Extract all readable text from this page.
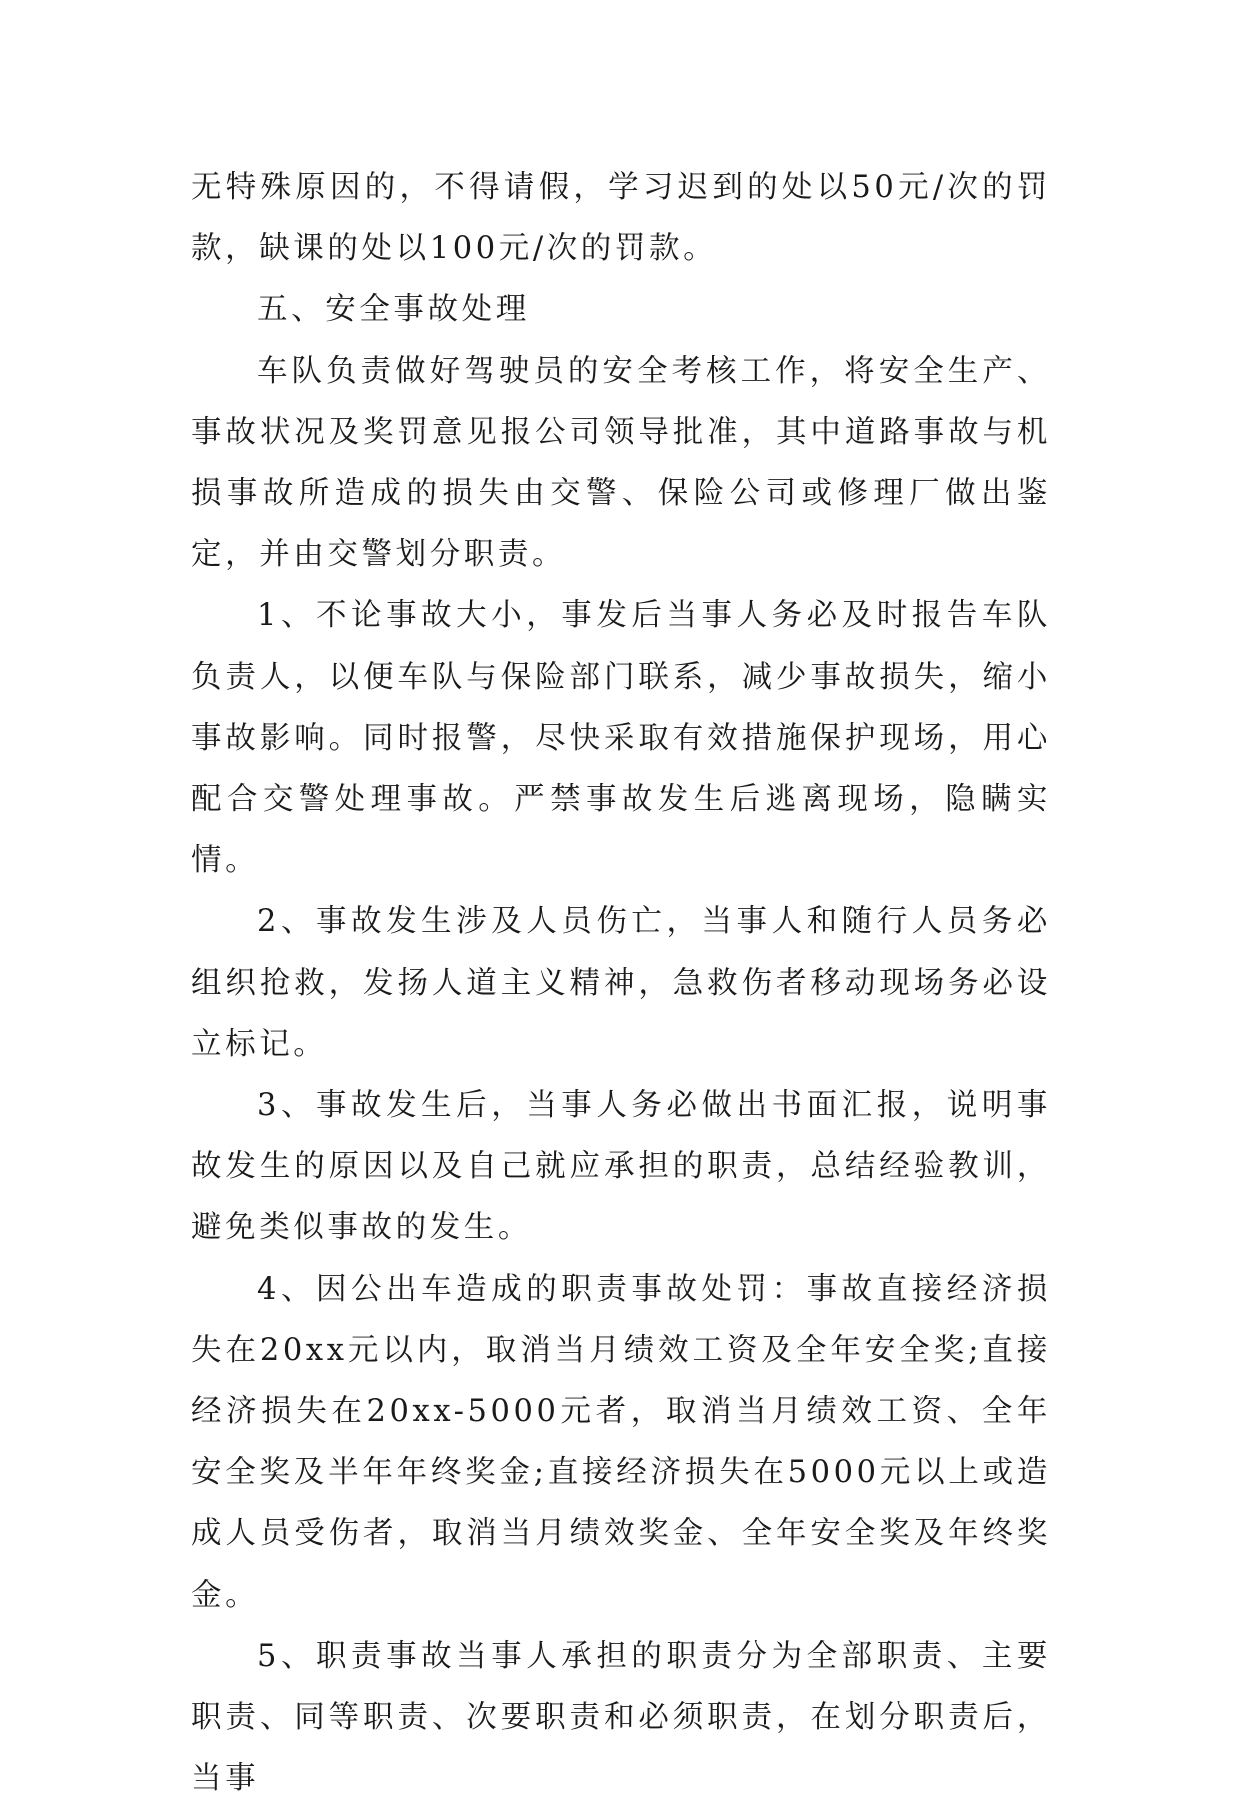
无特殊原因的，不得请假，学习迟到的处以50元/次的罚款，缺课的处以100元/次的罚款。

五、安全事故处理

车队负责做好驾驶员的安全考核工作，将安全生产、事故状况及奖罚意见报公司领导批准，其中道路事故与机损事故所造成的损失由交警、保险公司或修理厂做出鉴定，并由交警划分职责。

1、不论事故大小，事发后当事人务必及时报告车队负责人，以便车队与保险部门联系，减少事故损失，缩小事故影响。同时报警，尽快采取有效措施保护现场，用心配合交警处理事故。严禁事故发生后逃离现场，隐瞒实情。

2、事故发生涉及人员伤亡，当事人和随行人员务必组织抢救，发扬人道主义精神，急救伤者移动现场务必设立标记。

3、事故发生后，当事人务必做出书面汇报，说明事故发生的原因以及自己就应承担的职责，总结经验教训，避免类似事故的发生。

4、因公出车造成的职责事故处罚：事故直接经济损失在20xx元以内，取消当月绩效工资及全年安全奖;直接经济损失在20xx-5000元者，取消当月绩效工资、全年安全奖及半年年终奖金;直接经济损失在5000元以上或造成人员受伤者，取消当月绩效奖金、全年安全奖及年终奖金。

5、职责事故当事人承担的职责分为全部职责、主要职责、同等职责、次要职责和必须职责，在划分职责后，当事
